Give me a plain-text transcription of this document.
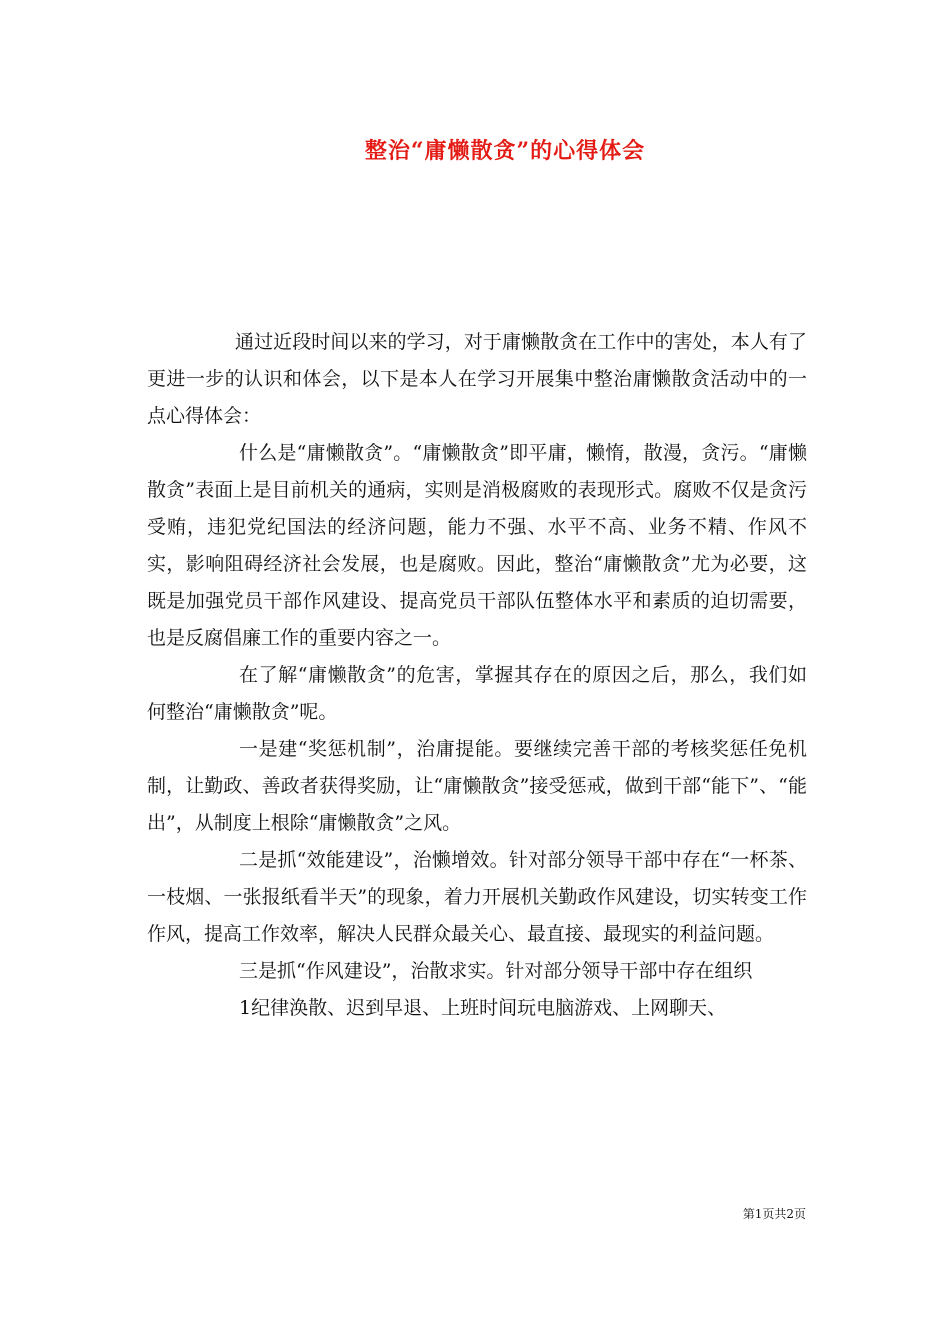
整治“庸懒散贪”的心得体会

通过近段时间以来的学习，对于庸懒散贪在工作中的害处，本人有了更进一步的认识和体会，以下是本人在学习开展集中整治庸懒散贪活动中的一点心得体会：

什么是“庸懒散贪”。“庸懒散贪”即平庸，懒惰，散漫，贪污。“庸懒散贪”表面上是目前机关的通病，实则是消极腐败的表现形式。腐败不仅是贪污受贿，违犯党纪国法的经济问题，能力不强、水平不高、业务不精、作风不实，影响阻碍经济社会发展，也是腐败。因此，整治“庸懒散贪”尤为必要，这既是加强党员干部作风建设、提高党员干部队伍整体水平和素质的迫切需要，也是反腐倡廉工作的重要内容之一。

在了解“庸懒散贪”的危害，掌握其存在的原因之后，那么，我们如何整治“庸懒散贪”呢。

一是建“奖惩机制”，治庸提能。要继续完善干部的考核奖惩任免机制，让勤政、善政者获得奖励，让“庸懒散贪”接受惩戒，做到干部“能下”、“能出”，从制度上根除“庸懒散贪”之风。

二是抓“效能建设”，治懒增效。针对部分领导干部中存在“一杯茶、一枝烟、一张报纸看半天”的现象，着力开展机关勤政作风建设，切实转变工作作风，提高工作效率，解决人民群众最关心、最直接、最现实的利益问题。

三是抓“作风建设”，治散求实。针对部分领导干部中存在组织

1纪律涣散、迟到早退、上班时间玩电脑游戏、上网聊天、

第1页共2页
